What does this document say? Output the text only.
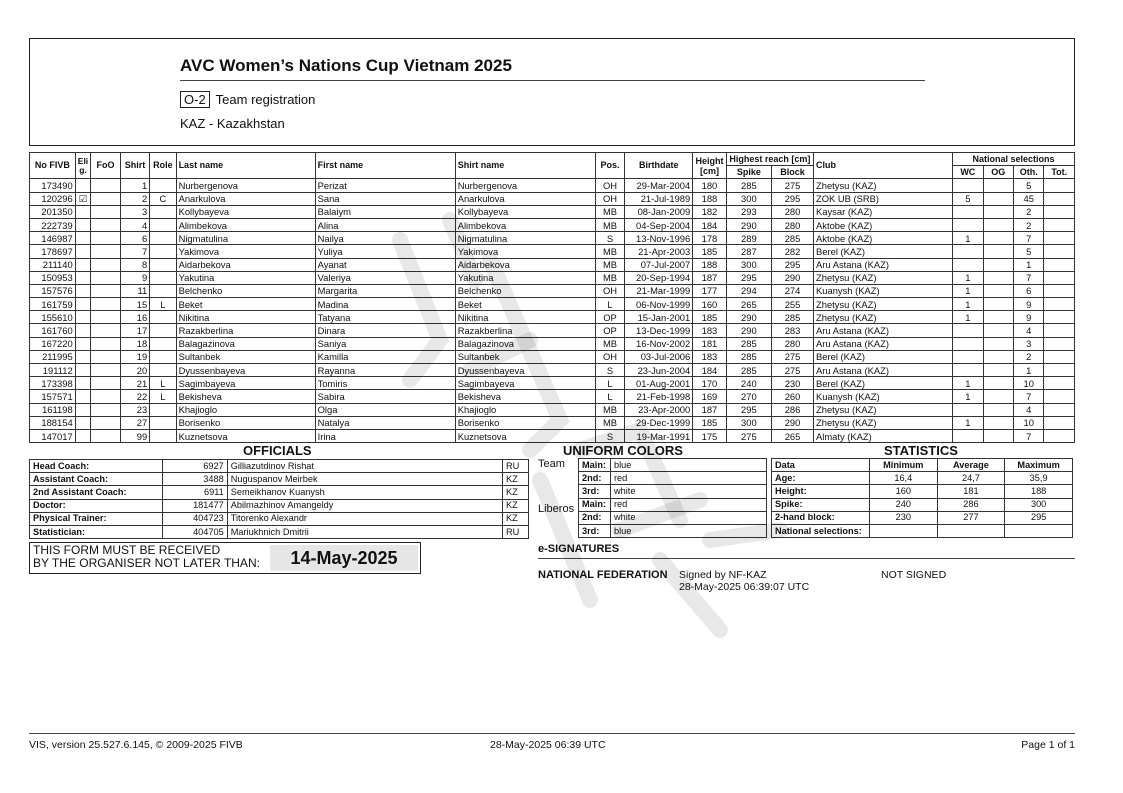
AVC Women’s Nations Cup Vietnam 2025
O-2 Team registration
KAZ - Kazakhstan
No FIVB	Eli g.	FoO	Shirt	Role	Last name	First name	Shirt name	Pos.	Birthdate	Height [cm]	Highest reach [cm]		Club	National selections			
											Spike	Block		WC	OG	Oth.	Tot.
173490			1		Nurbergenova	Perizat	Nurbergenova	OH	29-Mar-2004	180	285	275	Zhetysu (KAZ)			5	
120296	☑		2	C	Anarkulova	Sana	Anarkulova	OH	21-Jul-1989	188	300	295	ZOK UB (SRB)	5		45	
201350			3		Kollybayeva	Balaiym	Kollybayeva	MB	08-Jan-2009	182	293	280	Kaysar (KAZ)			2	
222739			4		Alimbekova	Alina	Alimbekova	MB	04-Sep-2004	184	290	280	Aktobe (KAZ)			2	
146987			6		Nigmatulina	Nailya	Nigmatulina	S	13-Nov-1996	178	289	285	Aktobe (KAZ)	1		7	
178697			7		Yakimova	Yuliya	Yakimova	MB	21-Apr-2003	185	287	282	Berel (KAZ)			5	
211140			8		Aidarbekova	Ayanat	Aidarbekova	MB	07-Jul-2007	188	300	295	Aru Astana (KAZ)			1	
150953			9		Yakutina	Valeriya	Yakutina	MB	20-Sep-1994	187	295	290	Zhetysu (KAZ)	1		7	
157576			11		Belchenko	Margarita	Belchenko	OH	21-Mar-1999	177	294	274	Kuanysh (KAZ)	1		6	
161759			15	L	Beket	Madina	Beket	L	06-Nov-1999	160	265	255	Zhetysu (KAZ)	1		9	
155610			16		Nikitina	Tatyana	Nikitina	OP	15-Jan-2001	185	290	285	Zhetysu (KAZ)	1		9	
161760			17		Razakberlina	Dinara	Razakberlina	OP	13-Dec-1999	183	290	283	Aru Astana (KAZ)			4	
167220			18		Balagazinova	Saniya	Balagazinova	MB	16-Nov-2002	181	285	280	Aru Astana (KAZ)			3	
211995			19		Sultanbek	Kamilla	Sultanbek	OH	03-Jul-2006	183	285	275	Berel (KAZ)			2	
191112			20		Dyussenbayeva	Rayanna	Dyussenbayeva	S	23-Jun-2004	184	285	275	Aru Astana (KAZ)			1	
173398			21	L	Sagimbayeva	Tomiris	Sagimbayeva	L	01-Aug-2001	170	240	230	Berel (KAZ)	1		10	
157571			22	L	Bekisheva	Sabira	Bekisheva	L	21-Feb-1998	169	270	260	Kuanysh (KAZ)	1		7	
161198			23		Khajioglo	Olga	Khajioglo	MB	23-Apr-2000	187	295	286	Zhetysu (KAZ)			4	
188154			27		Borisenko	Natalya	Borisenko	MB	29-Dec-1999	185	300	290	Zhetysu (KAZ)	1		10	
147017			99		Kuznetsova	Irina	Kuznetsova	S	19-Mar-1991	175	275	265	Almaty (KAZ)			7	
OFFICIALS
Head Coach:	6927	Gilliazutdinov Rishat	RU
Assistant Coach:	3488	Nuguspanov Meirbek	KZ
2nd Assistant Coach:	6911	Semeikhanov Kuanysh	KZ
Doctor:	181477	Abilmazhinov Amangeldy	KZ
Physical Trainer:	404723	Titorenko Alexandr	KZ
Statistician:	404705	Mariukhnich Dmitrii	RU
UNIFORM COLORS
Team
Liberos
Main:	blue
2nd:	red
3rd:	white
Main:	red
2nd:	white
3rd:	blue
STATISTICS
Data	Minimum	Average	Maximum
Age:	16,4	24,7	35,9
Height:	160	181	188
Spike:	240	286	300
2-hand block:	230	277	295
National selections:			
THIS FORM MUST BE RECEIVED
BY THE ORGANISER NOT LATER THAN:	14-May-2025	e-SIGNATURES
NATIONAL FEDERATION Signed by NF-KAZ
28-May-2025 06:39:07 UTC
NOT SIGNED
VIS, version 25.527.6.145, © 2009-2025 FIVB	28-May-2025 06:39 UTC	Page 1 of 1
